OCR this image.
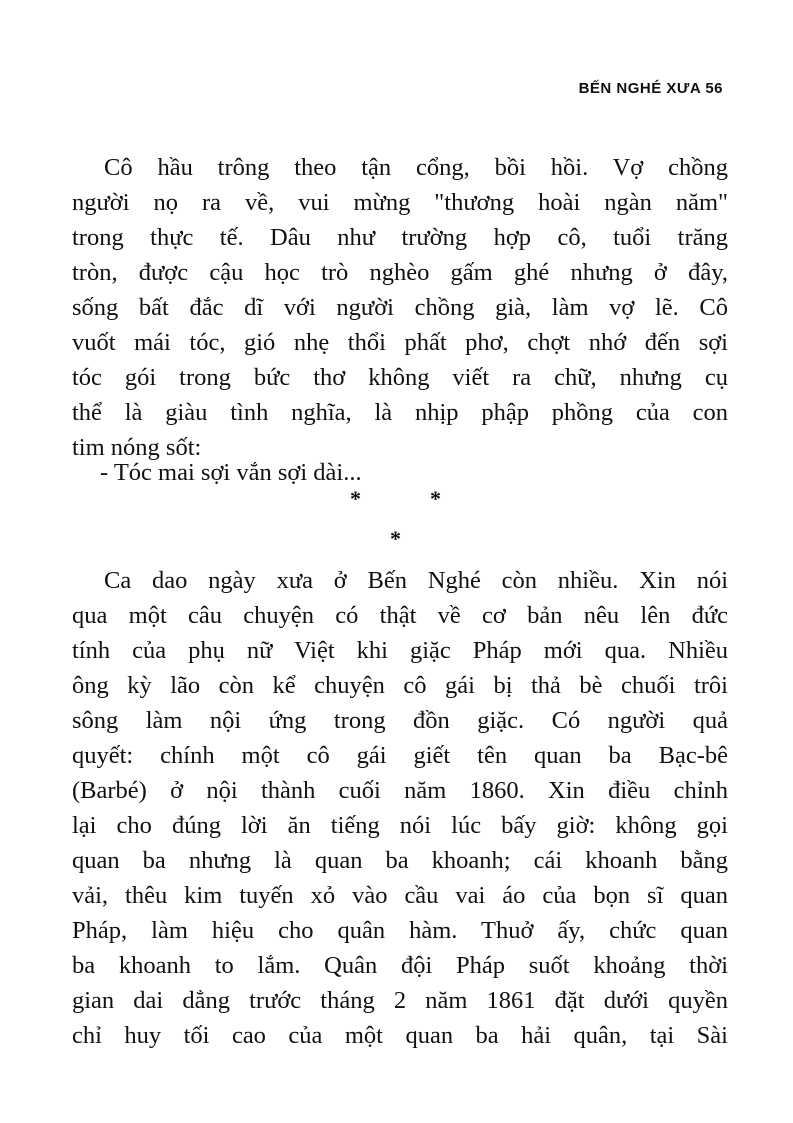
BẾN NGHÉ XƯA 56
Cô hầu trông theo tận cổng, bồi hồi. Vợ chồng
người nọ ra về, vui mừng "thương hoài ngàn năm"
trong thực tế. Dâu như trường hợp cô, tuổi trăng
tròn, được cậu học trò nghèo gấm ghé nhưng ở đây,
sống bất đắc dĩ với người chồng già, làm vợ lẽ. Cô
vuốt mái tóc, gió nhẹ thổi phất phơ, chợt nhớ đến sợi
tóc gói trong bức thơ không viết ra chữ, nhưng cụ
thể là giàu tình nghĩa, là nhịp phập phồng của con
tim nóng sốt:
- Tóc mai sợi vắn sợi dài...
*	*
*
Ca dao ngày xưa ở Bến Nghé còn nhiều. Xin nói
qua một câu chuyện có thật về cơ bản nêu lên đức
tính của phụ nữ Việt khi giặc Pháp mới qua. Nhiều
ông kỳ lão còn kể chuyện cô gái bị thả bè chuối trôi
sông làm nội ứng trong đồn giặc. Có người quả
quyết: chính một cô gái giết tên quan ba Bạc-bê
(Barbé) ở nội thành cuối năm 1860. Xin điều chỉnh
lại cho đúng lời ăn tiếng nói lúc bấy giờ: không gọi
quan ba nhưng là quan ba khoanh; cái khoanh bằng
vải, thêu kim tuyến xỏ vào cầu vai áo của bọn sĩ quan
Pháp, làm hiệu cho quân hàm. Thuở ấy, chức quan
ba khoanh to lắm. Quân đội Pháp suốt khoảng thời
gian dai dẳng trước tháng 2 năm 1861 đặt dưới quyền
chỉ huy tối cao của một quan ba hải quân, tại Sài
